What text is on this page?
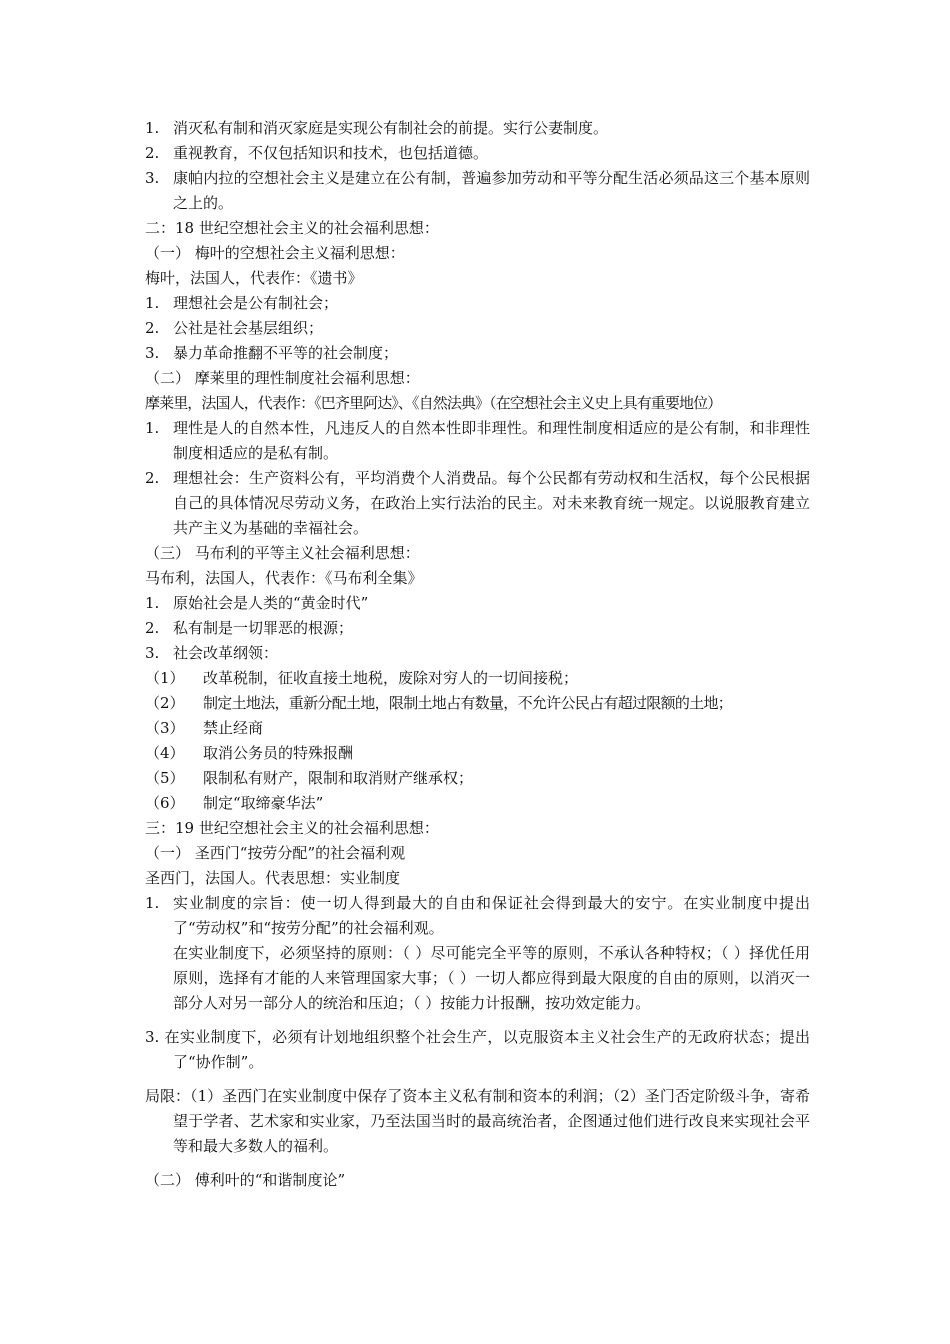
1. 消灭私有制和消灭家庭是实现公有制社会的前提。实行公妻制度。
2. 重视教育，不仅包括知识和技术，也包括道德。
3. 康帕内拉的空想社会主义是建立在公有制，普遍参加劳动和平等分配生活必须品这三个基本原则之上的。
二：18 世纪空想社会主义的社会福利思想：
（一） 梅叶的空想社会主义福利思想：
梅叶，法国人，代表作：《遗书》
1. 理想社会是公有制社会；
2. 公社是社会基层组织；
3. 暴力革命推翻不平等的社会制度；
（二） 摩莱里的理性制度社会福利思想：
摩莱里，法国人，代表作：《巴齐里阿达》、《自然法典》（在空想社会主义史上具有重要地位）
1. 理性是人的自然本性，凡违反人的自然本性即非理性。和理性制度相适应的是公有制，和非理性制度相适应的是私有制。
2. 理想社会：生产资料公有，平均消费个人消费品。每个公民都有劳动权和生活权，每个公民根据自己的具体情况尽劳动义务，在政治上实行法治的民主。对未来教育统一规定。以说服教育建立共产主义为基础的幸福社会。
（三） 马布利的平等主义社会福利思想：
马布利，法国人，代表作：《马布利全集》
1. 原始社会是人类的“黄金时代”
2. 私有制是一切罪恶的根源；
3. 社会改革纲领：
（1）	改革税制，征收直接土地税，废除对穷人的一切间接税；
（2）	制定土地法，重新分配土地，限制土地占有数量，不允许公民占有超过限额的土地；
（3）	禁止经商
（4）	取消公务员的特殊报酬
（5）	限制私有财产，限制和取消财产继承权；
（6）	制定“取缔豪华法”
三：19 世纪空想社会主义的社会福利思想：
（一） 圣西门“按劳分配”的社会福利观
圣西门，法国人。代表思想：实业制度
1. 实业制度的宗旨：使一切人得到最大的自由和保证社会得到最大的安宁。在实业制度中提出了“劳动权”和“按劳分配”的社会福利观。
在实业制度下，必须坚持的原则：（ ）尽可能完全平等的原则，不承认各种特权；（ ）择优任用原则，选择有才能的人来管理国家大事；（ ）一切人都应得到最大限度的自由的原则，以消灭一部分人对另一部分人的统治和压迫；（ ）按能力计报酬，按功效定能力。
3. 在实业制度下，必须有计划地组织整个社会生产，以克服资本主义社会生产的无政府状态；提出了“协作制”。
局限：（1）圣西门在实业制度中保存了资本主义私有制和资本的利润；（2）圣门否定阶级斗争，寄希望于学者、艺术家和实业家，乃至法国当时的最高统治者，企图通过他们进行改良来实现社会平等和最大多数人的福利。
（二） 傅利叶的“和谐制度论”
